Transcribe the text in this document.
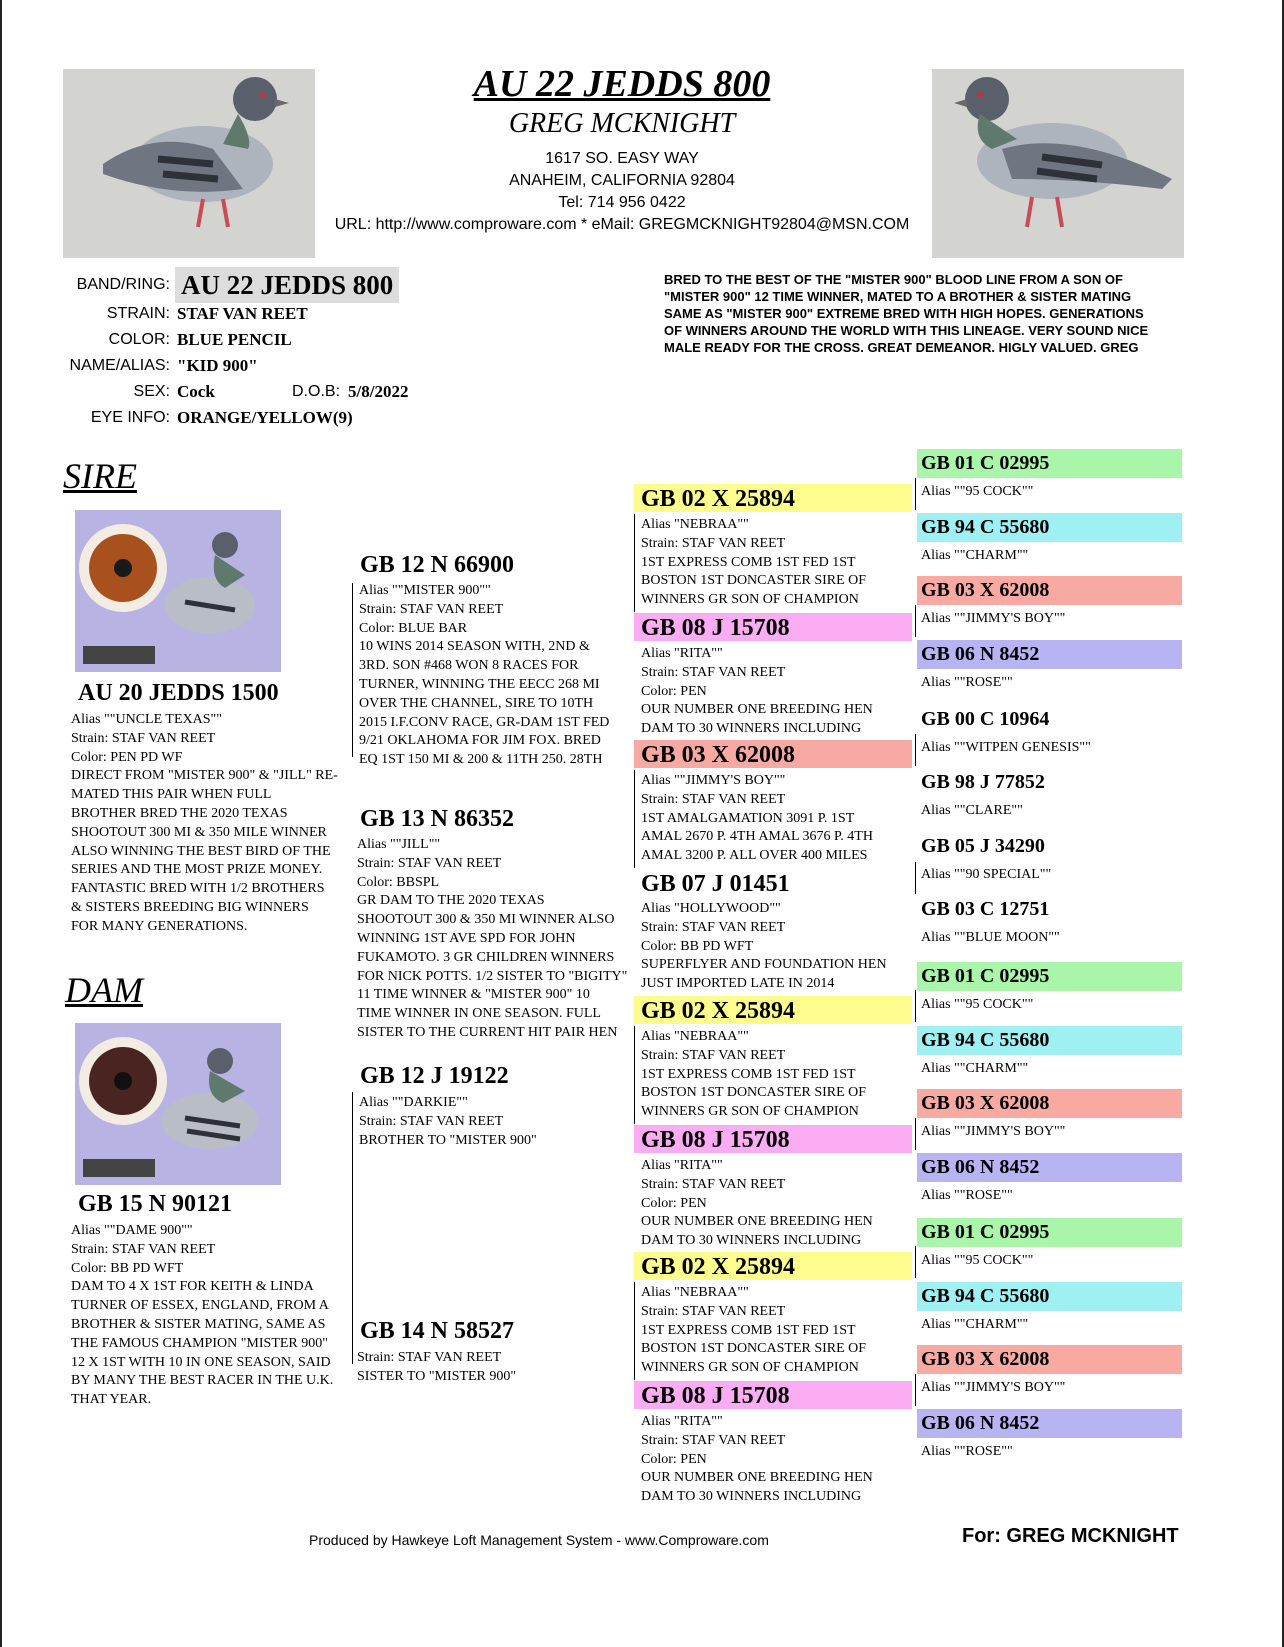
AU 22 JEDDS 800
GREG MCKNIGHT
1617 SO. EASY WAY
ANAHEIM, CALIFORNIA 92804
Tel: 714 956 0422
URL: http://www.comproware.com * eMail: GREGMCKNIGHT92804@MSN.COM
BAND/RING: AU 22 JEDDS 800
STRAIN: STAF VAN REET
COLOR: BLUE PENCIL
NAME/ALIAS: "KID 900"
SEX: Cock	D.O.B: 5/8/2022
EYE INFO: ORANGE/YELLOW(9)
BRED TO THE BEST OF THE "MISTER 900" BLOOD LINE FROM A SON OF "MISTER 900" 12 TIME WINNER, MATED TO A BROTHER & SISTER MATING SAME AS "MISTER 900" EXTREME BRED WITH HIGH HOPES. GENERATIONS OF WINNERS AROUND THE WORLD WITH THIS LINEAGE. VERY SOUND NICE MALE READY FOR THE CROSS. GREAT DEMEANOR. HIGLY VALUED. GREG
SIRE
AU 20 JEDDS 1500
Alias ""UNCLE TEXAS""
Strain: STAF VAN REET
Color: PEN PD WF
DIRECT FROM "MISTER 900" & "JILL" RE-
MATED THIS PAIR WHEN FULL
BROTHER BRED THE 2020 TEXAS
SHOOTOUT 300 MI & 350 MILE WINNER
ALSO WINNING THE BEST BIRD OF THE
SERIES AND THE MOST PRIZE MONEY.
FANTASTIC BRED WITH 1/2 BROTHERS
& SISTERS BREEDING BIG WINNERS
FOR MANY GENERATIONS.
DAM
GB 15 N 90121
Alias ""DAME 900""
Strain: STAF VAN REET
Color: BB PD WFT
DAM TO 4 X 1ST FOR KEITH & LINDA
TURNER OF ESSEX, ENGLAND, FROM A
BROTHER & SISTER MATING, SAME AS
THE FAMOUS CHAMPION "MISTER 900"
12 X 1ST WITH 10 IN ONE SEASON, SAID
BY MANY THE BEST RACER IN THE U.K.
THAT YEAR.
GB 12 N 66900
Alias ""MISTER 900""
Strain: STAF VAN REET
Color: BLUE BAR
10 WINS 2014 SEASON WITH, 2ND &
3RD. SON #468 WON 8 RACES FOR
TURNER, WINNING THE EECC 268 MI
OVER THE CHANNEL, SIRE TO 10TH
2015 I.F.CONV RACE, GR-DAM 1ST FED
9/21 OKLAHOMA FOR JIM FOX. BRED
EQ 1ST 150 MI & 200 & 11TH 250. 28TH
GB 13 N 86352
Alias ""JILL""
Strain: STAF VAN REET
Color: BBSPL
GR DAM TO THE 2020 TEXAS
SHOOTOUT 300 & 350 MI WINNER ALSO
WINNING 1ST AVE SPD FOR JOHN
FUKAMOTO. 3 GR CHILDREN WINNERS
FOR NICK POTTS. 1/2 SISTER TO "BIGITY"
11 TIME WINNER & "MISTER 900" 10
TIME WINNER IN ONE SEASON. FULL
SISTER TO THE CURRENT HIT PAIR HEN
GB 12 J 19122
Alias ""DARKIE""
Strain: STAF VAN REET
BROTHER TO "MISTER 900"
GB 14 N 58527
Strain: STAF VAN REET
SISTER TO "MISTER 900"
GB 02 X 25894
Alias "NEBRAA""
Strain: STAF VAN REET
1ST EXPRESS COMB 1ST FED 1ST
BOSTON 1ST DONCASTER SIRE OF
WINNERS GR SON OF CHAMPION
GB 08 J 15708
Alias "RITA""
Strain: STAF VAN REET
Color: PEN
OUR NUMBER ONE BREEDING HEN
DAM TO 30 WINNERS INCLUDING
GB 03 X 62008
Alias ""JIMMY'S BOY""
Strain: STAF VAN REET
1ST AMALGAMATION 3091 P. 1ST
AMAL 2670 P. 4TH AMAL 3676 P. 4TH
AMAL 3200 P. ALL OVER 400 MILES
GB 07 J 01451
Alias "HOLLYWOOD""
Strain: STAF VAN REET
Color: BB PD WFT
SUPERFLYER AND FOUNDATION HEN
JUST IMPORTED LATE IN 2014
GB 02 X 25894
Alias "NEBRAA""
Strain: STAF VAN REET
1ST EXPRESS COMB 1ST FED 1ST
BOSTON 1ST DONCASTER SIRE OF
WINNERS GR SON OF CHAMPION
GB 08 J 15708
Alias "RITA""
Strain: STAF VAN REET
Color: PEN
OUR NUMBER ONE BREEDING HEN
DAM TO 30 WINNERS INCLUDING
GB 02 X 25894
Alias "NEBRAA""
Strain: STAF VAN REET
1ST EXPRESS COMB 1ST FED 1ST
BOSTON 1ST DONCASTER SIRE OF
WINNERS GR SON OF CHAMPION
GB 08 J 15708
Alias "RITA""
Strain: STAF VAN REET
Color: PEN
OUR NUMBER ONE BREEDING HEN
DAM TO 30 WINNERS INCLUDING
GB 01 C 02995
Alias ""95 COCK""
GB 94 C 55680
Alias ""CHARM""
GB 03 X 62008
Alias ""JIMMY'S BOY""
GB 06 N 8452
Alias ""ROSE""
GB 00 C 10964
Alias ""WITPEN GENESIS""
GB 98 J 77852
Alias ""CLARE""
GB 05 J 34290
Alias ""90 SPECIAL""
GB 03 C 12751
Alias ""BLUE MOON""
GB 01 C 02995
Alias ""95 COCK""
GB 94 C 55680
Alias ""CHARM""
GB 03 X 62008
Alias ""JIMMY'S BOY""
GB 06 N 8452
Alias ""ROSE""
GB 01 C 02995
Alias ""95 COCK""
GB 94 C 55680
Alias ""CHARM""
GB 03 X 62008
Alias ""JIMMY'S BOY""
GB 06 N 8452
Alias ""ROSE""
Produced by Hawkeye Loft Management System - www.Comproware.com	For: GREG MCKNIGHT
